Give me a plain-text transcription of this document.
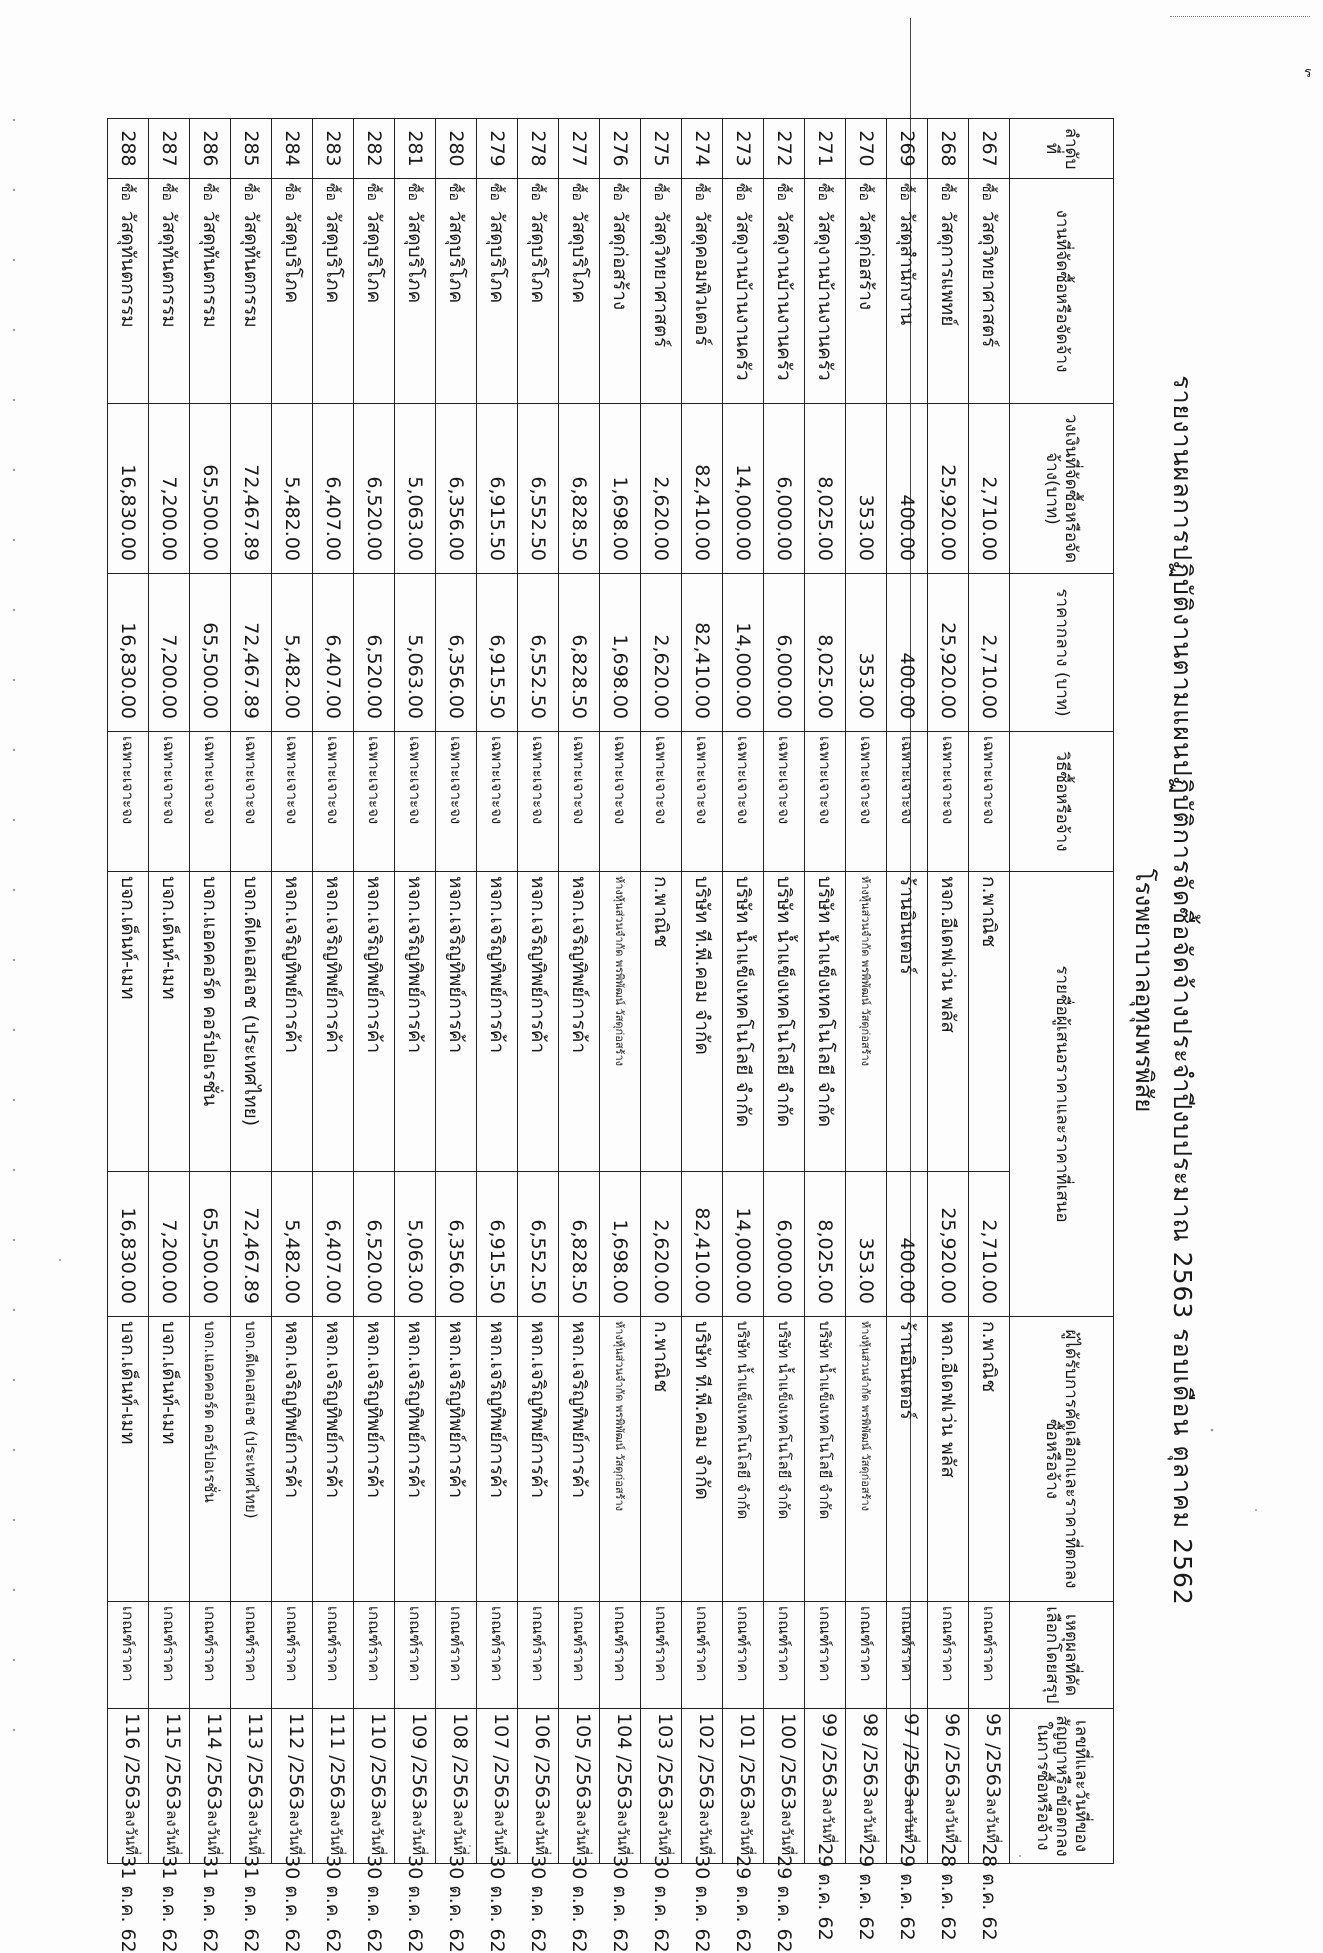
ร
รายงานผลการปฏิบัติงานตามแผนปฏิบัติการจัดซื้อจัดจ้างประจำปีงบประมาณ 2563 รอบเดือน ตุลาคม 2562
โรงพยาบาลอุทุมพรพิสัย
ลำดับที่	งานที่จัดซื้อหรือจัดจ้าง	วงเงินที่จัดซื้อหรือจัดจ้าง(บาท)	ราคากลาง (บาท)	วิธีซื้อหรือจ้าง	รายชื่อผู้เสนอราคาและราคาที่เสนอ		ผู้ได้รับการคัดเลือกและราคาที่ตกลงซื้อหรือจ้าง	เหตุผลที่คัดเลือกโดยสรุป	เลขที่และวันที่ของสัญญาหรือข้อตกลงในการซื้อหรือจ้าง
267	ซื้อวัสดุวิทยาศาสตร์	2,710.00	2,710.00	เฉพาะเจาะจง	ก.พาณิช	2,710.00	ก.พาณิช	เกณฑ์ราคา	95 /2563
ลงวันที่
28 ต.ค. 62

268	ซื้อวัสดุการแพทย์	25,920.00	25,920.00	เฉพาะเจาะจง	หจก.อีเดฟเว่น พลัส	25,920.00	หจก.อีเดฟเว่น พลัส	เกณฑ์ราคา	96 /2563
ลงวันที่
28 ต.ค. 62

269	ซื้อวัสดุสำนักงาน	400.00	400.00	เฉพาะเจาะจง	ร้านอินเตอร์	400.00	ร้านอินเตอร์	เกณฑ์ราคา	97 /2563
ลงวันที่
29 ต.ค. 62

270	ซื้อวัสดุก่อสร้าง	353.00	353.00	เฉพาะเจาะจง	ห้างหุ้นส่วนจำกัด พรพิพัฒน์ วัสดุก่อสร้าง	353.00	ห้างหุ้นส่วนจำกัด พรพิพัฒน์ วัสดุก่อสร้าง	เกณฑ์ราคา	98 /2563
ลงวันที่
29 ต.ค. 62

271	ซื้อวัสดุงานบ้านงานครัว	8,025.00	8,025.00	เฉพาะเจาะจง	บริษัท น้ำแข็งเทคโนโลยี จำกัด	8,025.00	บริษัท น้ำแข็งเทคโนโลยี จำกัด	เกณฑ์ราคา	99 /2563
ลงวันที่
29 ต.ค. 62

272	ซื้อวัสดุงานบ้านงานครัว	6,000.00	6,000.00	เฉพาะเจาะจง	บริษัท น้ำแข็งเทคโนโลยี จำกัด	6,000.00	บริษัท น้ำแข็งเทคโนโลยี จำกัด	เกณฑ์ราคา	100 /2563
ลงวันที่
29 ต.ค. 62

273	ซื้อวัสดุงานบ้านงานครัว	14,000.00	14,000.00	เฉพาะเจาะจง	บริษัท น้ำแข็งเทคโนโลยี จำกัด	14,000.00	บริษัท น้ำแข็งเทคโนโลยี จำกัด	เกณฑ์ราคา	101 /2563
ลงวันที่
29 ต.ค. 62

274	ซื้อวัสดุคอมพิวเตอร์	82,410.00	82,410.00	เฉพาะเจาะจง	บริษัท ที.พี.คอม จำกัด	82,410.00	บริษัท ที.พี.คอม จำกัด	เกณฑ์ราคา	102 /2563
ลงวันที่
30 ต.ค. 62

275	ซื้อวัสดุวิทยาศาสตร์	2,620.00	2,620.00	เฉพาะเจาะจง	ก.พาณิช	2,620.00	ก.พาณิช	เกณฑ์ราคา	103 /2563
ลงวันที่
30 ต.ค. 62

276	ซื้อวัสดุก่อสร้าง	1,698.00	1,698.00	เฉพาะเจาะจง	ห้างหุ้นส่วนจำกัด พรพิพัฒน์ วัสดุก่อสร้าง	1,698.00	ห้างหุ้นส่วนจำกัด พรพิพัฒน์ วัสดุก่อสร้าง	เกณฑ์ราคา	104 /2563
ลงวันที่
30 ต.ค. 62

277	ซื้อวัสดุบริโภค	6,828.50	6,828.50	เฉพาะเจาะจง	หจก.เจริญทิพย์การค้า	6,828.50	หจก.เจริญทิพย์การค้า	เกณฑ์ราคา	105 /2563
ลงวันที่
30 ต.ค. 62

278	ซื้อวัสดุบริโภค	6,552.50	6,552.50	เฉพาะเจาะจง	หจก.เจริญทิพย์การค้า	6,552.50	หจก.เจริญทิพย์การค้า	เกณฑ์ราคา	106 /2563
ลงวันที่
30 ต.ค. 62

279	ซื้อวัสดุบริโภค	6,915.50	6,915.50	เฉพาะเจาะจง	หจก.เจริญทิพย์การค้า	6,915.50	หจก.เจริญทิพย์การค้า	เกณฑ์ราคา	107 /2563
ลงวันที่
30 ต.ค. 62

280	ซื้อวัสดุบริโภค	6,356.00	6,356.00	เฉพาะเจาะจง	หจก.เจริญทิพย์การค้า	6,356.00	หจก.เจริญทิพย์การค้า	เกณฑ์ราคา	108 /2563
ลงวันที่
30 ต.ค. 62

281	ซื้อวัสดุบริโภค	5,063.00	5,063.00	เฉพาะเจาะจง	หจก.เจริญทิพย์การค้า	5,063.00	หจก.เจริญทิพย์การค้า	เกณฑ์ราคา	109 /2563
ลงวันที่
30 ต.ค. 62

282	ซื้อวัสดุบริโภค	6,520.00	6,520.00	เฉพาะเจาะจง	หจก.เจริญทิพย์การค้า	6,520.00	หจก.เจริญทิพย์การค้า	เกณฑ์ราคา	110 /2563
ลงวันที่
30 ต.ค. 62

283	ซื้อวัสดุบริโภค	6,407.00	6,407.00	เฉพาะเจาะจง	หจก.เจริญทิพย์การค้า	6,407.00	หจก.เจริญทิพย์การค้า	เกณฑ์ราคา	111 /2563
ลงวันที่
30 ต.ค. 62

284	ซื้อวัสดุบริโภค	5,482.00	5,482.00	เฉพาะเจาะจง	หจก.เจริญทิพย์การค้า	5,482.00	หจก.เจริญทิพย์การค้า	เกณฑ์ราคา	112 /2563
ลงวันที่
30 ต.ค. 62

285	ซื้อวัสดุทันตกรรม	72,467.89	72,467.89	เฉพาะเจาะจง	บจก.ดีเคเอสเอช (ประเทศไทย)	72,467.89	บจก.ดีเคเอสเอช (ประเทศไทย)	เกณฑ์ราคา	113 /2563
ลงวันที่
31 ต.ค. 62

286	ซื้อวัสดุทันตกรรม	65,500.00	65,500.00	เฉพาะเจาะจง	บจก.แอคคอร์ด คอร์ปอเรชั่น	65,500.00	บจก.แอคคอร์ด คอร์ปอเรชั่น	เกณฑ์ราคา	114 /2563
ลงวันที่
31 ต.ค. 62

287	ซื้อวัสดุทันตกรรม	7,200.00	7,200.00	เฉพาะเจาะจง	บจก.เด็นท์-เมท	7,200.00	บจก.เด็นท์-เมท	เกณฑ์ราคา	115 /2563
ลงวันที่
31 ต.ค. 62

288	ซื้อวัสดุทันตกรรม	16,830.00	16,830.00	เฉพาะเจาะจง	บจก.เด็นท์-เมท	16,830.00	บจก.เด็นท์-เมท	เกณฑ์ราคา	116 /2563
ลงวันที่
31 ต.ค. 62
